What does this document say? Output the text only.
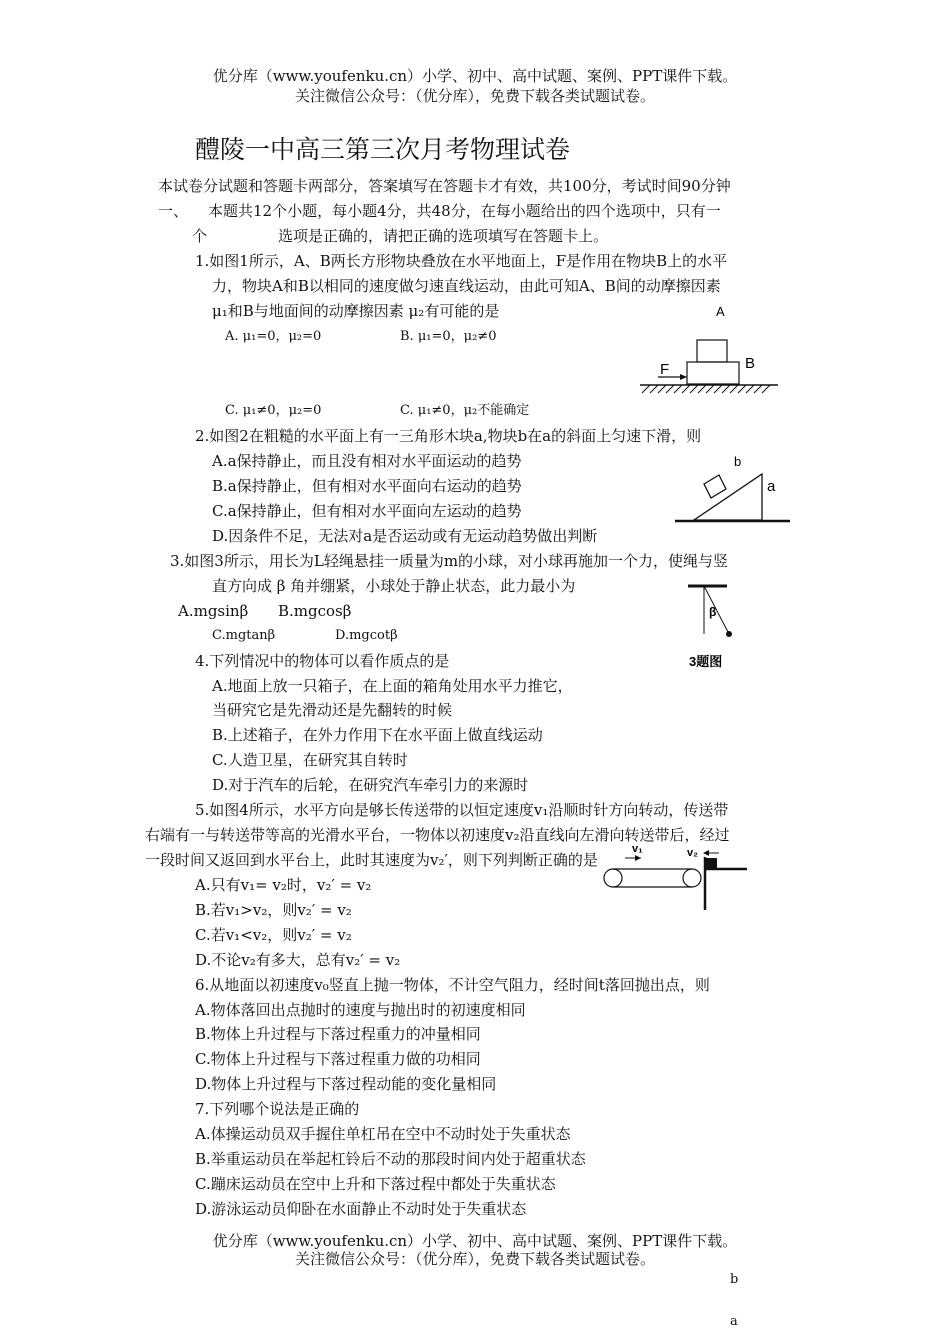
优分库（www.youfenku.cn）小学、初中、高中试题、案例、PPT课件下载。
关注微信公众号：（优分库），免费下载各类试题试卷。
醴陵一中高三第三次月考物理试卷
本试卷分试题和答题卡两部分，答案填写在答题卡才有效，共100分，考试时间90分钟
一、 本题共12个小题，每小题4分，共48分，在每小题给出的四个选项中，只有一
个	选项是正确的，请把正确的选项填写在答题卡上。
1.如图1所示，A、B两长方形物块叠放在水平地面上，F是作用在物块B上的水平
力，物块A和B以相同的速度做匀速直线运动，由此可知A、B间的动摩擦因素
μ₁和B与地面间的动摩擦因素 μ₂有可能的是
A. μ₁=0，μ₂=0	B. μ₁=0，μ₂≠0
C. μ₁≠0，μ₂=0	C. μ₁≠0，μ₂不能确定
A
B
F
2.如图2在粗糙的水平面上有一三角形木块a,物块b在a的斜面上匀速下滑，则
A.a保持静止，而且没有相对水平面运动的趋势
B.a保持静止，但有相对水平面向右运动的趋势
C.a保持静止，但有相对水平面向左运动的趋势
D.因条件不足，无法对a是否运动或有无运动趋势做出判断
b
a
3.如图3所示，用长为L轻绳悬挂一质量为m的小球，对小球再施加一个力，使绳与竖
直方向成 β 角并绷紧，小球处于静止状态，此力最小为
A.mgsinβ B.mgcosβ
C.mgtanβ	D.mgcotβ
β
3题图
4.下列情况中的物体可以看作质点的是
A.地面上放一只箱子，在上面的箱角处用水平力推它，
当研究它是先滑动还是先翻转的时候
B.上述箱子，在外力作用下在水平面上做直线运动
C.人造卫星，在研究其自转时
D.对于汽车的后轮，在研究汽车牵引力的来源时
5.如图4所示，水平方向是够长传送带的以恒定速度v₁沿顺时针方向转动，传送带
右端有一与转送带等高的光滑水平台，一物体以初速度v₂沿直线向左滑向转送带后，经过
一段时间又返回到水平台上，此时其速度为v₂′，则下列判断正确的是
v₁	v₂
A.只有v₁= v₂时，v₂′ = v₂
B.若v₁>v₂，则v₂′ = v₂
C.若v₁<v₂，则v₂′ = v₂
D.不论v₂有多大，总有v₂′ = v₂
6.从地面以初速度v₀竖直上抛一物体，不计空气阻力，经时间t落回抛出点，则
A.物体落回出点抛时的速度与抛出时的初速度相同
B.物体上升过程与下落过程重力的冲量相同
C.物体上升过程与下落过程重力做的功相同
D.物体上升过程与下落过程动能的变化量相同
7.下列哪个说法是正确的
A.体操运动员双手握住单杠吊在空中不动时处于失重状态
B.举重运动员在举起杠铃后不动的那段时间内处于超重状态
C.蹦床运动员在空中上升和下落过程中都处于失重状态
D.游泳运动员仰卧在水面静止不动时处于失重状态
优分库（www.youfenku.cn）小学、初中、高中试题、案例、PPT课件下载。
关注微信公众号：（优分库），免费下载各类试题试卷。
b
a
